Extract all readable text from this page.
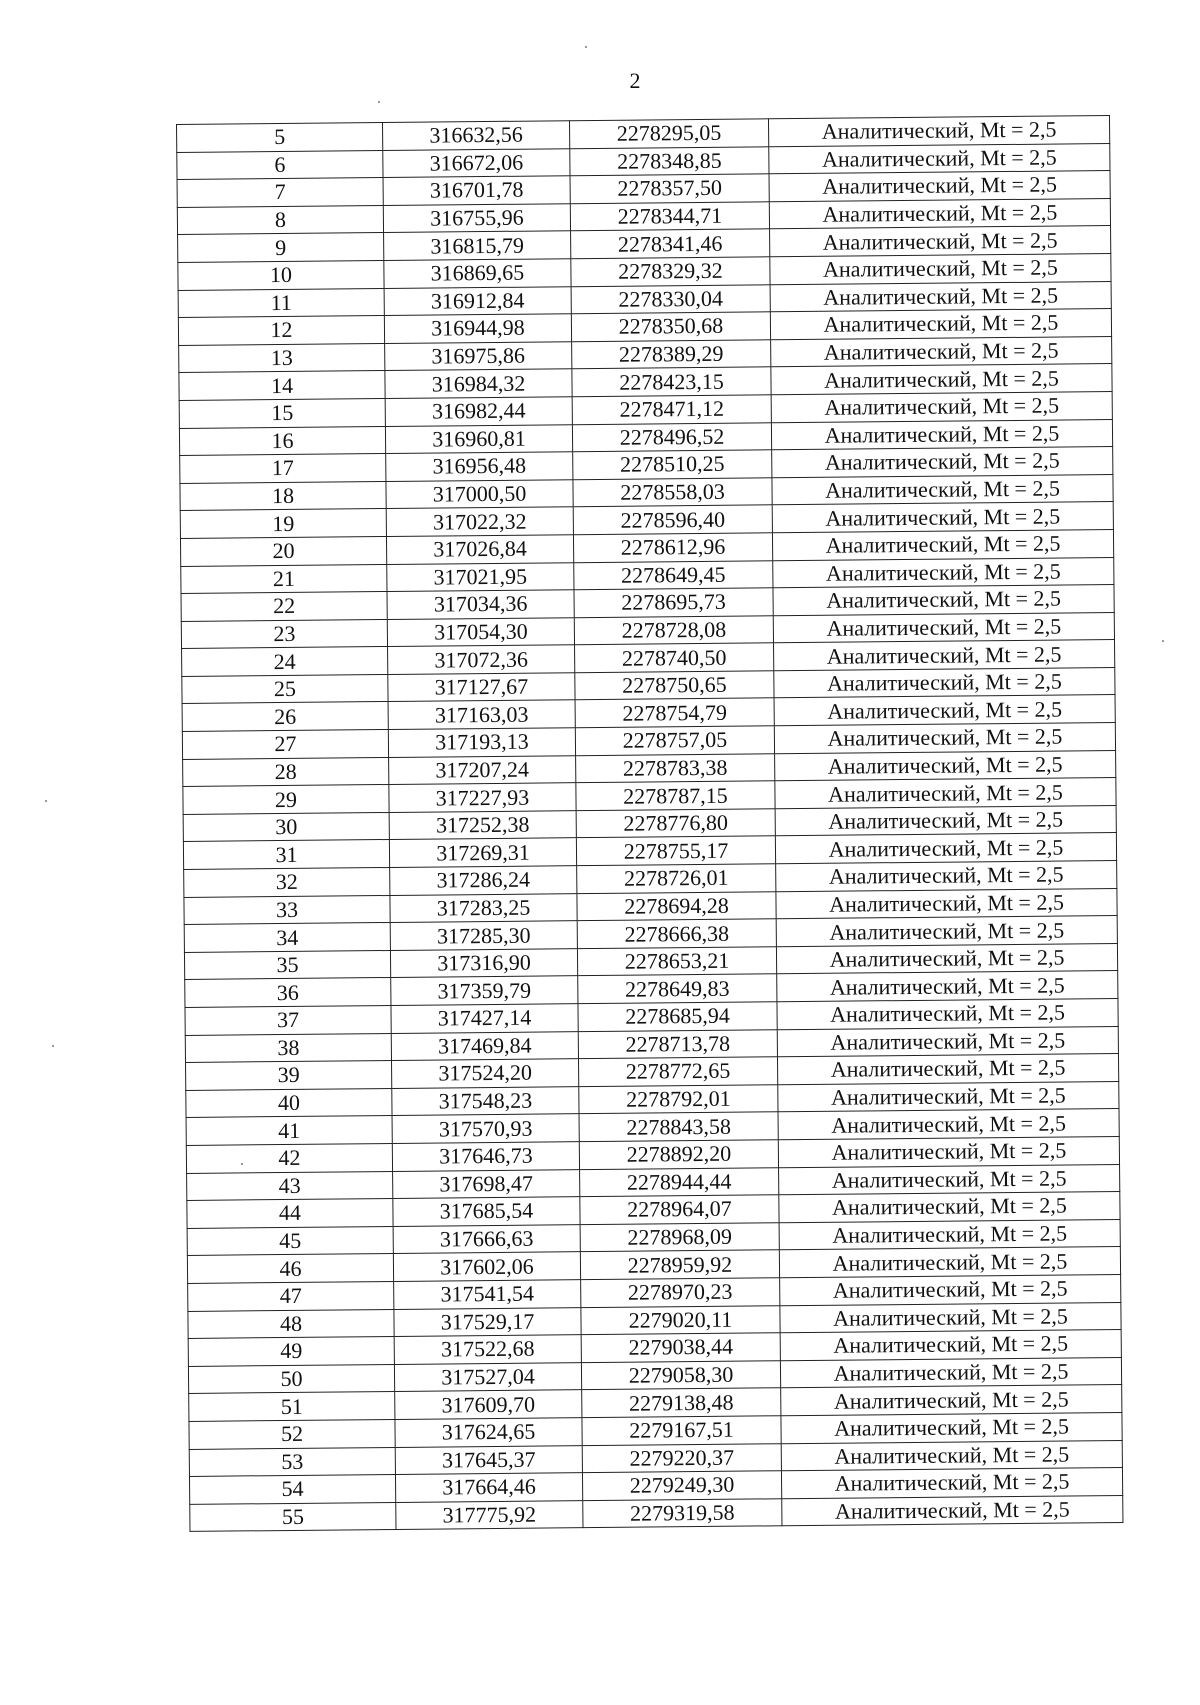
2
5	316632,56	2278295,05	Аналитический, Mt = 2,5
6	316672,06	2278348,85	Аналитический, Mt = 2,5
7	316701,78	2278357,50	Аналитический, Mt = 2,5
8	316755,96	2278344,71	Аналитический, Mt = 2,5
9	316815,79	2278341,46	Аналитический, Mt = 2,5
10	316869,65	2278329,32	Аналитический, Mt = 2,5
11	316912,84	2278330,04	Аналитический, Mt = 2,5
12	316944,98	2278350,68	Аналитический, Mt = 2,5
13	316975,86	2278389,29	Аналитический, Mt = 2,5
14	316984,32	2278423,15	Аналитический, Mt = 2,5
15	316982,44	2278471,12	Аналитический, Mt = 2,5
16	316960,81	2278496,52	Аналитический, Mt = 2,5
17	316956,48	2278510,25	Аналитический, Mt = 2,5
18	317000,50	2278558,03	Аналитический, Mt = 2,5
19	317022,32	2278596,40	Аналитический, Mt = 2,5
20	317026,84	2278612,96	Аналитический, Mt = 2,5
21	317021,95	2278649,45	Аналитический, Mt = 2,5
22	317034,36	2278695,73	Аналитический, Mt = 2,5
23	317054,30	2278728,08	Аналитический, Mt = 2,5
24	317072,36	2278740,50	Аналитический, Mt = 2,5
25	317127,67	2278750,65	Аналитический, Mt = 2,5
26	317163,03	2278754,79	Аналитический, Mt = 2,5
27	317193,13	2278757,05	Аналитический, Mt = 2,5
28	317207,24	2278783,38	Аналитический, Mt = 2,5
29	317227,93	2278787,15	Аналитический, Mt = 2,5
30	317252,38	2278776,80	Аналитический, Mt = 2,5
31	317269,31	2278755,17	Аналитический, Mt = 2,5
32	317286,24	2278726,01	Аналитический, Mt = 2,5
33	317283,25	2278694,28	Аналитический, Mt = 2,5
34	317285,30	2278666,38	Аналитический, Mt = 2,5
35	317316,90	2278653,21	Аналитический, Mt = 2,5
36	317359,79	2278649,83	Аналитический, Mt = 2,5
37	317427,14	2278685,94	Аналитический, Mt = 2,5
38	317469,84	2278713,78	Аналитический, Mt = 2,5
39	317524,20	2278772,65	Аналитический, Mt = 2,5
40	317548,23	2278792,01	Аналитический, Mt = 2,5
41	317570,93	2278843,58	Аналитический, Mt = 2,5
42	317646,73	2278892,20	Аналитический, Mt = 2,5
43	317698,47	2278944,44	Аналитический, Mt = 2,5
44	317685,54	2278964,07	Аналитический, Mt = 2,5
45	317666,63	2278968,09	Аналитический, Mt = 2,5
46	317602,06	2278959,92	Аналитический, Mt = 2,5
47	317541,54	2278970,23	Аналитический, Mt = 2,5
48	317529,17	2279020,11	Аналитический, Mt = 2,5
49	317522,68	2279038,44	Аналитический, Mt = 2,5
50	317527,04	2279058,30	Аналитический, Mt = 2,5
51	317609,70	2279138,48	Аналитический, Mt = 2,5
52	317624,65	2279167,51	Аналитический, Mt = 2,5
53	317645,37	2279220,37	Аналитический, Mt = 2,5
54	317664,46	2279249,30	Аналитический, Mt = 2,5
55	317775,92	2279319,58	Аналитический, Mt = 2,5
